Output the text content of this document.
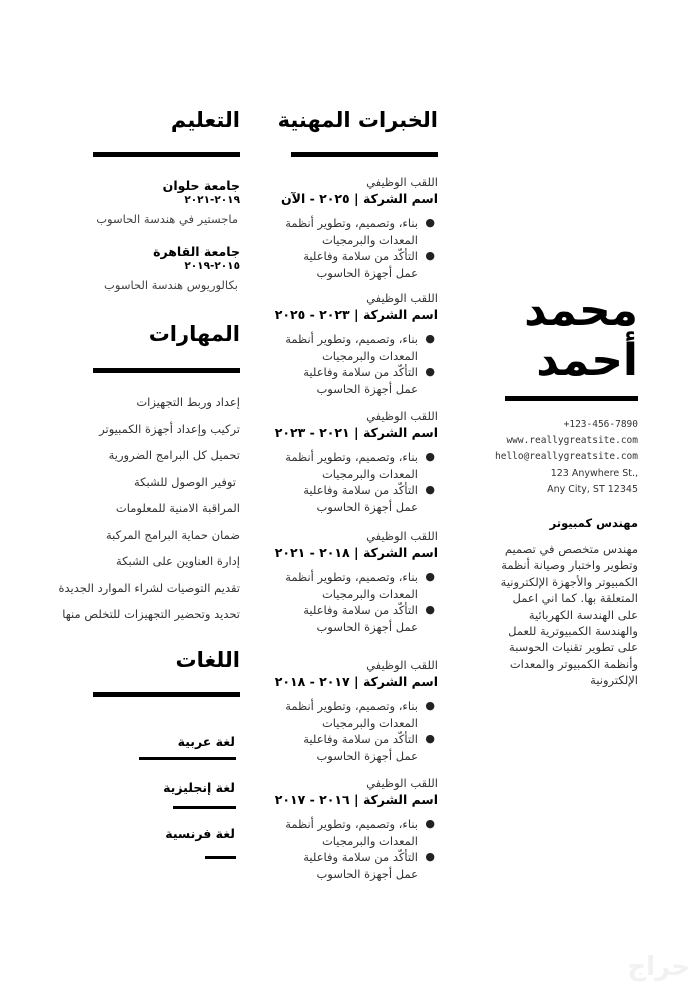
محمد
أحمد
+123-456-7890
www.reallygreatsite.com
hello@reallygreatsite.com
123 Anywhere St.,
Any City, ST 12345
مهندس كمبيوتر
مهندس متخصص في تصميم وتطوير واختبار وصيانة أنظمة الكمبيوتر والأجهزة الإلكترونية المتعلقة بها. كما اني اعمل على الهندسة الكهربائية والهندسة الكمبيوترية للعمل على تطوير تقنيات الحوسبة وأنظمة الكمبيوتر والمعدات الإلكترونية
الخبرات المهنية
اللقب الوظيفي
اسم الشركة | ٢٠٢٥ - الآن
●
بناء، وتصميم، وتطوير أنظمة المعدات والبرمجيات
●
التأكّد من سلامة وفاعلية عمل أجهزة الحاسوب
اللقب الوظيفي
اسم الشركة | ٢٠٢٣ - ٢٠٢٥
●
بناء، وتصميم، وتطوير أنظمة المعدات والبرمجيات
●
التأكّد من سلامة وفاعلية عمل أجهزة الحاسوب
اللقب الوظيفي
اسم الشركة | ٢٠٢١ - ٢٠٢٣
●
بناء، وتصميم، وتطوير أنظمة المعدات والبرمجيات
●
التأكّد من سلامة وفاعلية عمل أجهزة الحاسوب
اللقب الوظيفي
اسم الشركة | ٢٠١٨ - ٢٠٢١
●
بناء، وتصميم، وتطوير أنظمة المعدات والبرمجيات
●
التأكّد من سلامة وفاعلية عمل أجهزة الحاسوب
اللقب الوظيفي
اسم الشركة | ٢٠١٧ - ٢٠١٨
●
بناء، وتصميم، وتطوير أنظمة المعدات والبرمجيات
●
التأكّد من سلامة وفاعلية عمل أجهزة الحاسوب
اللقب الوظيفي
اسم الشركة | ٢٠١٦ - ٢٠١٧
●
بناء، وتصميم، وتطوير أنظمة المعدات والبرمجيات
●
التأكّد من سلامة وفاعلية عمل أجهزة الحاسوب
التعليم
جامعة حلوان
٢٠١٩-٢٠٢١
ماجستير في هندسة الحاسوب
جامعة القاهرة
٢٠١٥-٢٠١٩
بكالوريوس هندسة الحاسوب
المهارات
إعداد وربط التجهيزات
تركيب وإعداد أجهزة الكمبيوتر
تحميل كل البرامج الضرورية
توفير الوصول للشبكة
المراقبة الامنية للمعلومات
ضمان حماية البرامج المركبة
إدارة العناوين على الشبكة
تقديم التوصيات لشراء الموارد الجديدة
تحديد وتحضير التجهيزات للتخلص منها
اللغات
لغة عربية
لغة إنجليزية
لغة فرنسية
حراج
